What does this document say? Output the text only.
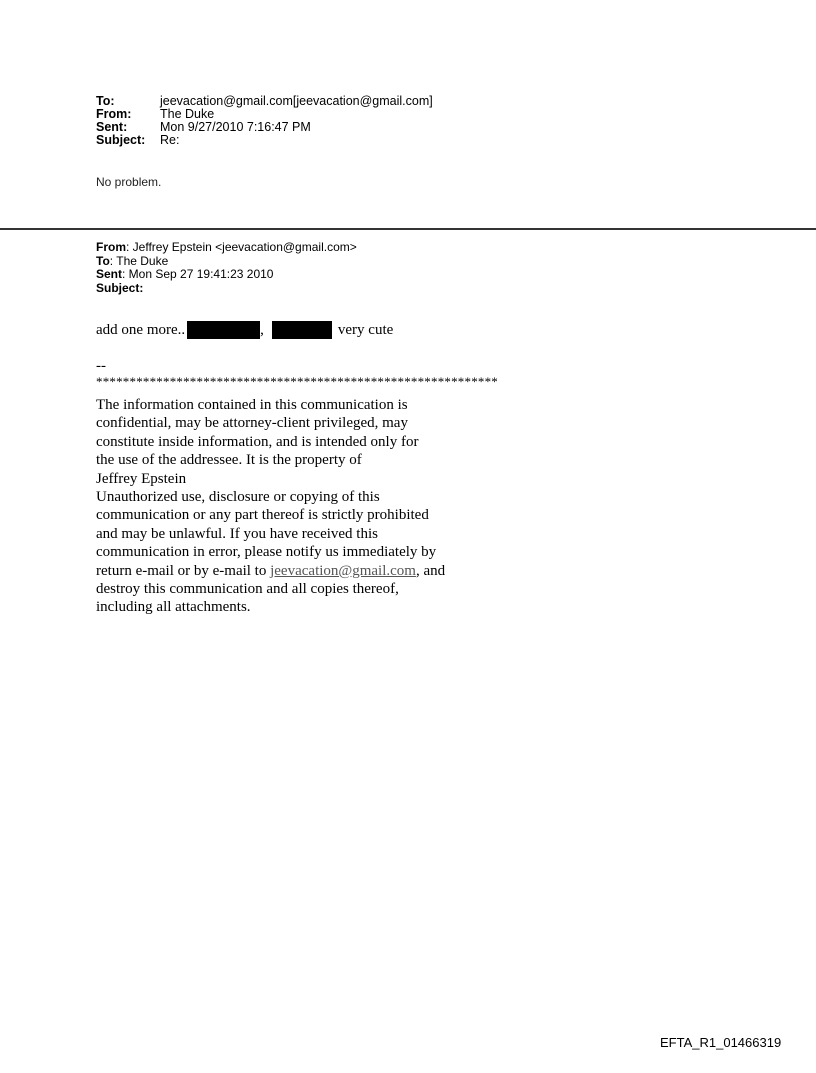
To:	jeevacation@gmail.com[jeevacation@gmail.com]
From:	The Duke
Sent:	Mon 9/27/2010 7:16:47 PM
Subject:	Re:
No problem.
From: Jeffrey Epstein <jeevacation@gmail.com>
To: The Duke
Sent: Mon Sep 27 19:41:23 2010
Subject:
add one more..	,	very cute
--
************************************************************
The information contained in this communication is
confidential, may be attorney-client privileged, may
constitute inside information, and is intended only for
the use of the addressee. It is the property of
Jeffrey Epstein
Unauthorized use, disclosure or copying of this
communication or any part thereof is strictly prohibited
and may be unlawful. If you have received this
communication in error, please notify us immediately by
return e-mail or by e-mail to jeevacation@gmail.com, and
destroy this communication and all copies thereof,
including all attachments.
EFTA_R1_01466319
